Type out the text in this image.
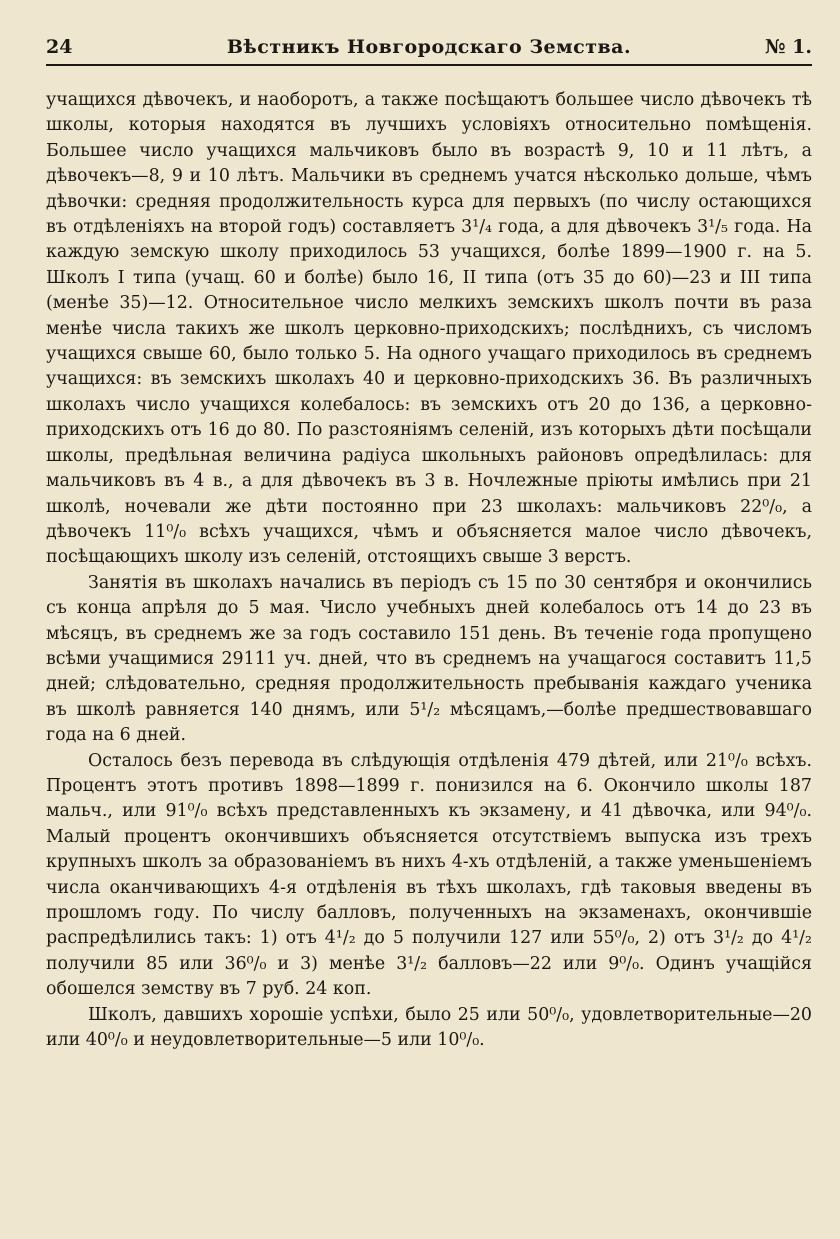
24	Вѣстникъ Новгородскаго Земства.	№ 1.

учащихся дѣвочекъ, и наоборотъ, а также посѣщаютъ большее число дѣвочекъ тѣ школы, которыя находятся въ лучшихъ условіяхъ относительно помѣщенія. Большее число учащихся мальчиковъ было въ возрастѣ 9, 10 и 11 лѣтъ, а дѣвочекъ—8, 9 и 10 лѣтъ. Мальчики въ среднемъ учатся нѣсколько дольше, чѣмъ дѣвочки: средняя продолжительность курса для первыхъ (по числу остающихся въ отдѣленіяхъ на второй годъ) составляетъ 3¹/₄ года, а для дѣвочекъ 3¹/₅ года. На каждую земскую школу приходилось 53 учащихся, болѣе 1899—1900 г. на 5. Школъ I типа (учащ. 60 и болѣе) было 16, II типа (отъ 35 до 60)—23 и III типа (менѣе 35)—12. Относительное число мелкихъ земскихъ школъ почти въ раза менѣе числа такихъ же школъ церковно-приходскихъ; послѣднихъ, съ числомъ учащихся свыше 60, было только 5. На одного учащаго приходилось въ среднемъ учащихся: въ земскихъ школахъ 40 и церковно-приходскихъ 36. Въ различныхъ школахъ число учащихся колебалось: въ земскихъ отъ 20 до 136, а церковно-приходскихъ отъ 16 до 80. По разстояніямъ селеній, изъ которыхъ дѣти посѣщали школы, предѣльная величина радіуса школьныхъ районовъ опредѣлилась: для мальчиковъ въ 4 в., а для дѣвочекъ въ 3 в. Ночлежные пріюты имѣлись при 21 школѣ, ночевали же дѣти постоянно при 23 школахъ: мальчиковъ 22⁰/₀, а дѣвочекъ 11⁰/₀ всѣхъ учащихся, чѣмъ и объясняется малое число дѣвочекъ, посѣщающихъ школу изъ селеній, отстоящихъ свыше 3 верстъ.

Занятія въ школахъ начались въ періодъ съ 15 по 30 сентября и окончились съ конца апрѣля до 5 мая. Число учебныхъ дней колебалось отъ 14 до 23 въ мѣсяцъ, въ среднемъ же за годъ составило 151 день. Въ теченіе года пропущено всѣми учащимися 29111 уч. дней, что въ среднемъ на учащагося составитъ 11,5 дней; слѣдовательно, средняя продолжительность пребыванія каждаго ученика въ школѣ равняется 140 днямъ, или 5¹/₂ мѣсяцамъ,—болѣе предшествовавшаго года на 6 дней.

Осталось безъ перевода въ слѣдующія отдѣленія 479 дѣтей, или 21⁰/₀ всѣхъ. Процентъ этотъ противъ 1898—1899 г. понизился на 6. Окончило школы 187 мальч., или 91⁰/₀ всѣхъ представленныхъ къ экзамену, и 41 дѣвочка, или 94⁰/₀. Малый процентъ окончившихъ объясняется отсутствіемъ выпуска изъ трехъ крупныхъ школъ за образованіемъ въ нихъ 4-хъ отдѣленій, а также уменьшеніемъ числа оканчивающихъ 4-я отдѣленія въ тѣхъ школахъ, гдѣ таковыя введены въ прошломъ году. По числу балловъ, полученныхъ на экзаменахъ, окончившіе распредѣлились такъ: 1) отъ 4¹/₂ до 5 получили 127 или 55⁰/₀, 2) отъ 3¹/₂ до 4¹/₂ получили 85 или 36⁰/₀ и 3) менѣе 3¹/₂ балловъ—22 или 9⁰/₀. Одинъ учащійся обошелся земству въ 7 руб. 24 коп.

Школъ, давшихъ хорошіе успѣхи, было 25 или 50⁰/₀, удовлетворительные—20 или 40⁰/₀ и неудовлетворительные—5 или 10⁰/₀.
